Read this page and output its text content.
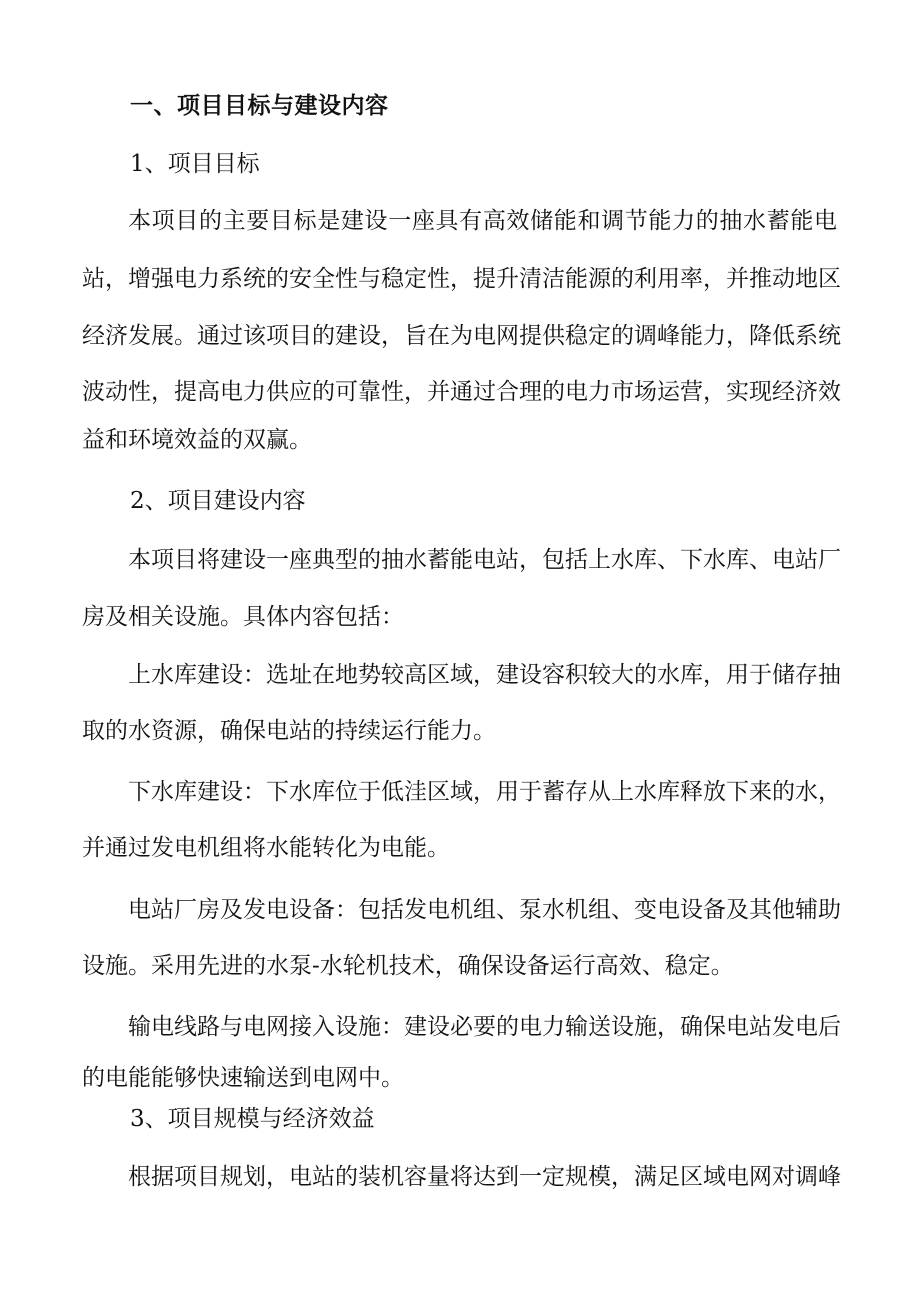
一、项目目标与建设内容

1、项目目标

本项目的主要目标是建设一座具有高效储能和调节能力的抽水蓄能电

站，增强电力系统的安全性与稳定性，提升清洁能源的利用率，并推动地区

经济发展。通过该项目的建设，旨在为电网提供稳定的调峰能力，降低系统

波动性，提高电力供应的可靠性，并通过合理的电力市场运营，实现经济效

益和环境效益的双赢。

2、项目建设内容

本项目将建设一座典型的抽水蓄能电站，包括上水库、下水库、电站厂

房及相关设施。具体内容包括：

上水库建设：选址在地势较高区域，建设容积较大的水库，用于储存抽

取的水资源，确保电站的持续运行能力。

下水库建设：下水库位于低洼区域，用于蓄存从上水库释放下来的水，

并通过发电机组将水能转化为电能。

电站厂房及发电设备：包括发电机组、泵水机组、变电设备及其他辅助

设施。采用先进的水泵-水轮机技术，确保设备运行高效、稳定。

输电线路与电网接入设施：建设必要的电力输送设施，确保电站发电后

的电能能够快速输送到电网中。

3、项目规模与经济效益

根据项目规划，电站的装机容量将达到一定规模，满足区域电网对调峰
